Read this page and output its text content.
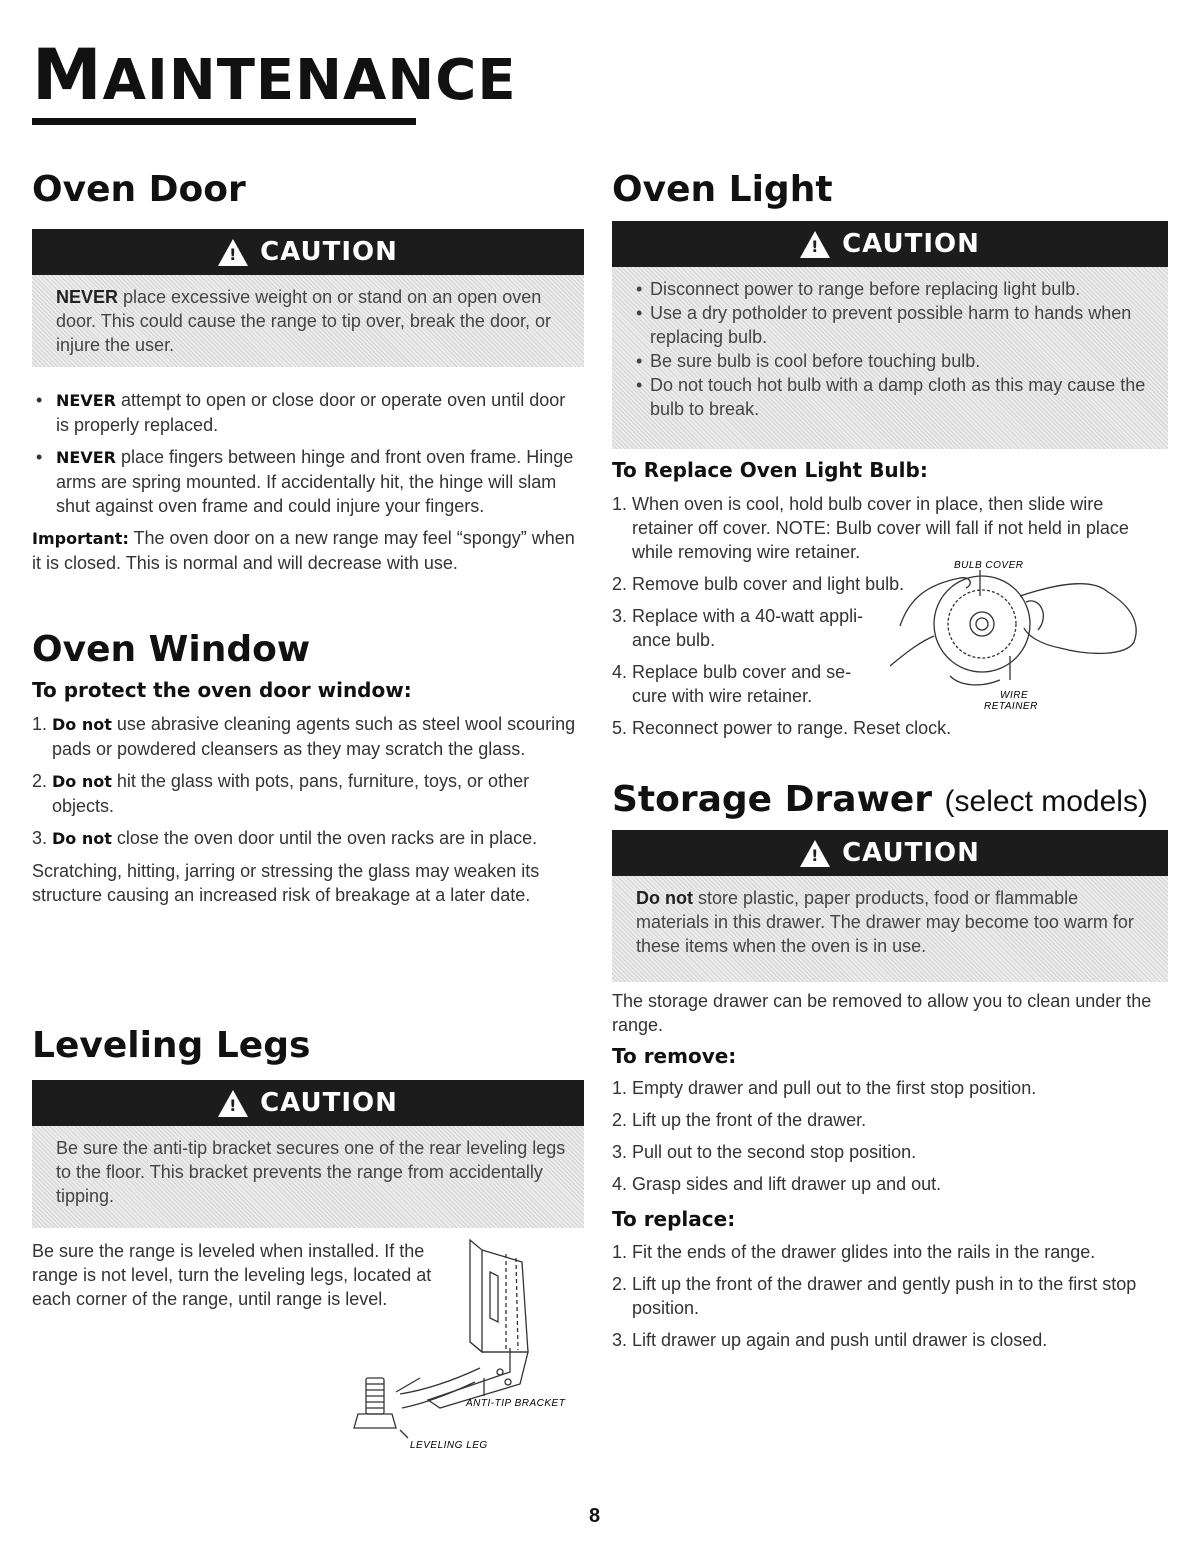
MAINTENANCE
Oven Door
! CAUTION
NEVER place excessive weight on or stand on an open oven door. This could cause the range to tip over, break the door, or injure the user.
• NEVER attempt to open or close door or operate oven until door is properly replaced.
• NEVER place fingers between hinge and front oven frame. Hinge arms are spring mounted. If accidentally hit, the hinge will slam shut against oven frame and could injure your fingers.
Important: The oven door on a new range may feel “spongy” when it is closed. This is normal and will decrease with use.
Oven Window
To protect the oven door window:
1. Do not use abrasive cleaning agents such as steel wool scouring pads or powdered cleansers as they may scratch the glass.
2. Do not hit the glass with pots, pans, furniture, toys, or other objects.
3. Do not close the oven door until the oven racks are in place.
Scratching, hitting, jarring or stressing the glass may weaken its structure causing an increased risk of breakage at a later date.
Leveling Legs
! CAUTION
Be sure the anti-tip bracket secures one of the rear leveling legs to the floor. This bracket prevents the range from accidentally tipping.
Be sure the range is leveled when installed. If the range is not level, turn the leveling legs, located at each corner of the range, until range is level.
ANTI-TIP BRACKET
LEVELING LEG
Oven Light
! CAUTION
• Disconnect power to range before replacing light bulb.
• Use a dry potholder to prevent possible harm to hands when replacing bulb.
• Be sure bulb is cool before touching bulb.
• Do not touch hot bulb with a damp cloth as this may cause the bulb to break.
To Replace Oven Light Bulb:
1. When oven is cool, hold bulb cover in place, then slide wire retainer off cover. NOTE: Bulb cover will fall if not held in place while removing wire retainer.
2. Remove bulb cover and light bulb.
3. Replace with a 40-watt appli-ance bulb.
4. Replace bulb cover and se-cure with wire retainer.
5. Reconnect power to range. Reset clock.
BULB COVER
WIRE
RETAINER
Storage Drawer (select models)
! CAUTION
Do not store plastic, paper products, food or flammable materials in this drawer. The drawer may become too warm for these items when the oven is in use.
The storage drawer can be removed to allow you to clean under the range.
To remove:
1. Empty drawer and pull out to the first stop position.
2. Lift up the front of the drawer.
3. Pull out to the second stop position.
4. Grasp sides and lift drawer up and out.
To replace:
1. Fit the ends of the drawer glides into the rails in the range.
2. Lift up the front of the drawer and gently push in to the first stop position.
3. Lift drawer up again and push until drawer is closed.
8
